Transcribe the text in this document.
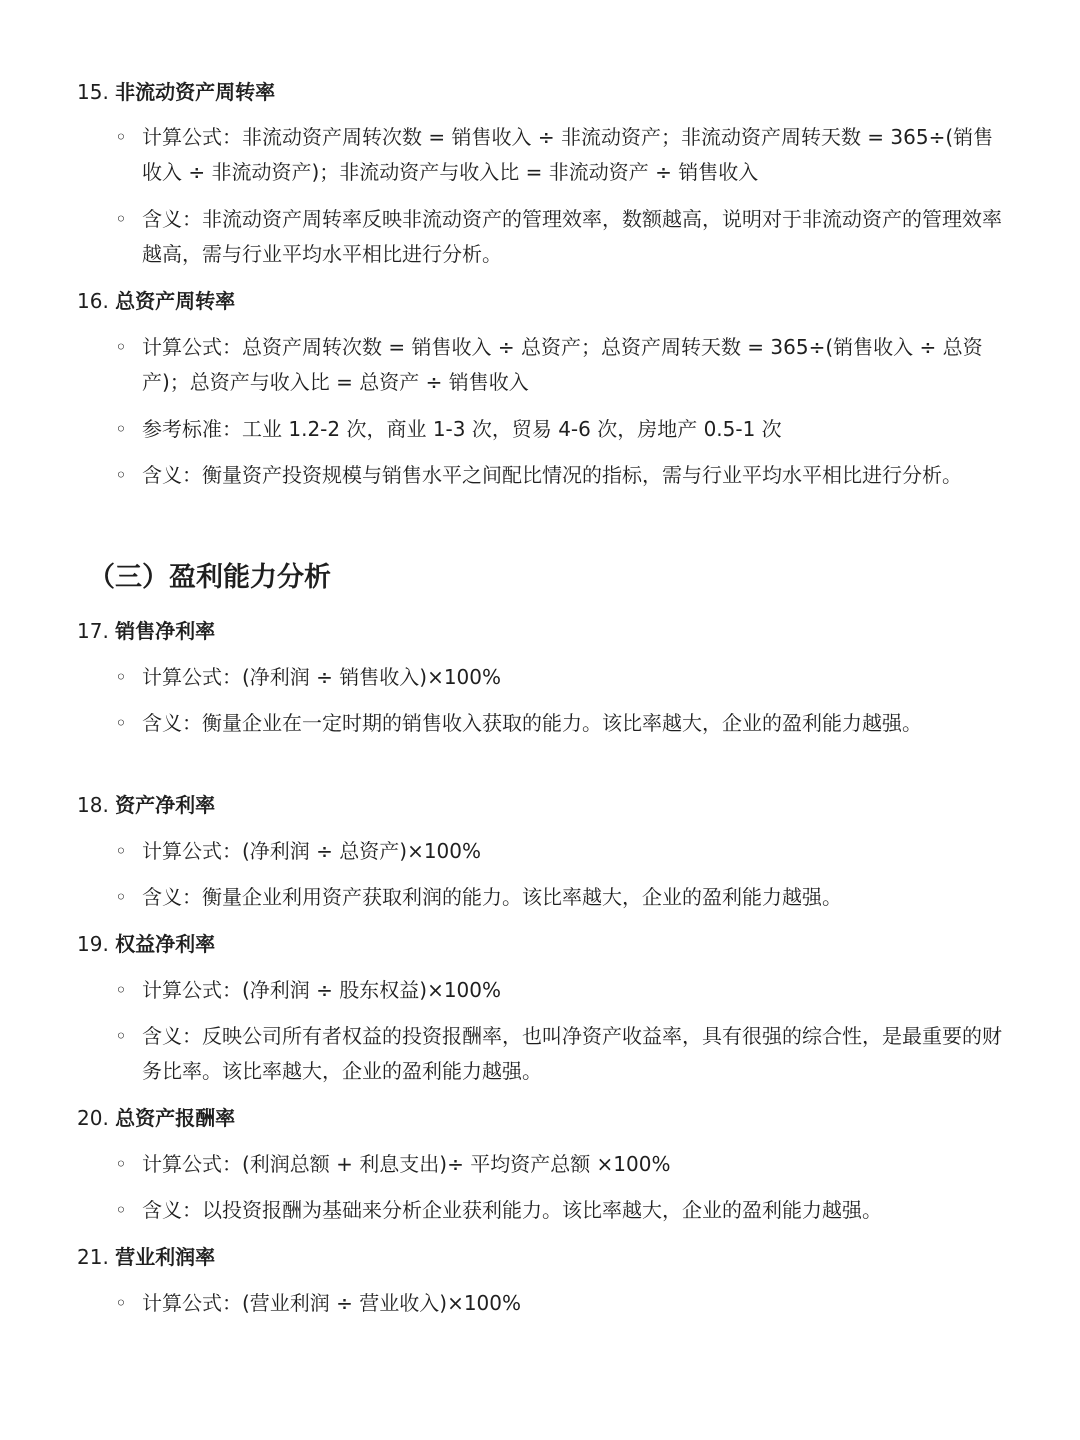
15. 非流动资产周转率
◦ 计算公式：非流动资产周转次数 = 销售收入 ÷ 非流动资产；非流动资产周转天数 = 365÷(销售收入 ÷ 非流动资产)；非流动资产与收入比 = 非流动资产 ÷ 销售收入
◦ 含义：非流动资产周转率反映非流动资产的管理效率，数额越高，说明对于非流动资产的管理效率越高，需与行业平均水平相比进行分析。
16. 总资产周转率
◦ 计算公式：总资产周转次数 = 销售收入 ÷ 总资产；总资产周转天数 = 365÷(销售收入 ÷ 总资产)；总资产与收入比 = 总资产 ÷ 销售收入
◦ 参考标准：工业 1.2-2 次，商业 1-3 次，贸易 4-6 次，房地产 0.5-1 次
◦ 含义：衡量资产投资规模与销售水平之间配比情况的指标，需与行业平均水平相比进行分析。
（三）盈利能力分析
17. 销售净利率
◦ 计算公式：(净利润 ÷ 销售收入)×100%
◦ 含义：衡量企业在一定时期的销售收入获取的能力。该比率越大，企业的盈利能力越强。
18. 资产净利率
◦ 计算公式：(净利润 ÷ 总资产)×100%
◦ 含义：衡量企业利用资产获取利润的能力。该比率越大，企业的盈利能力越强。
19. 权益净利率
◦ 计算公式：(净利润 ÷ 股东权益)×100%
◦ 含义：反映公司所有者权益的投资报酬率，也叫净资产收益率，具有很强的综合性，是最重要的财务比率。该比率越大，企业的盈利能力越强。
20. 总资产报酬率
◦ 计算公式：(利润总额 + 利息支出)÷ 平均资产总额 ×100%
◦ 含义：以投资报酬为基础来分析企业获利能力。该比率越大，企业的盈利能力越强。
21. 营业利润率
◦ 计算公式：(营业利润 ÷ 营业收入)×100%
